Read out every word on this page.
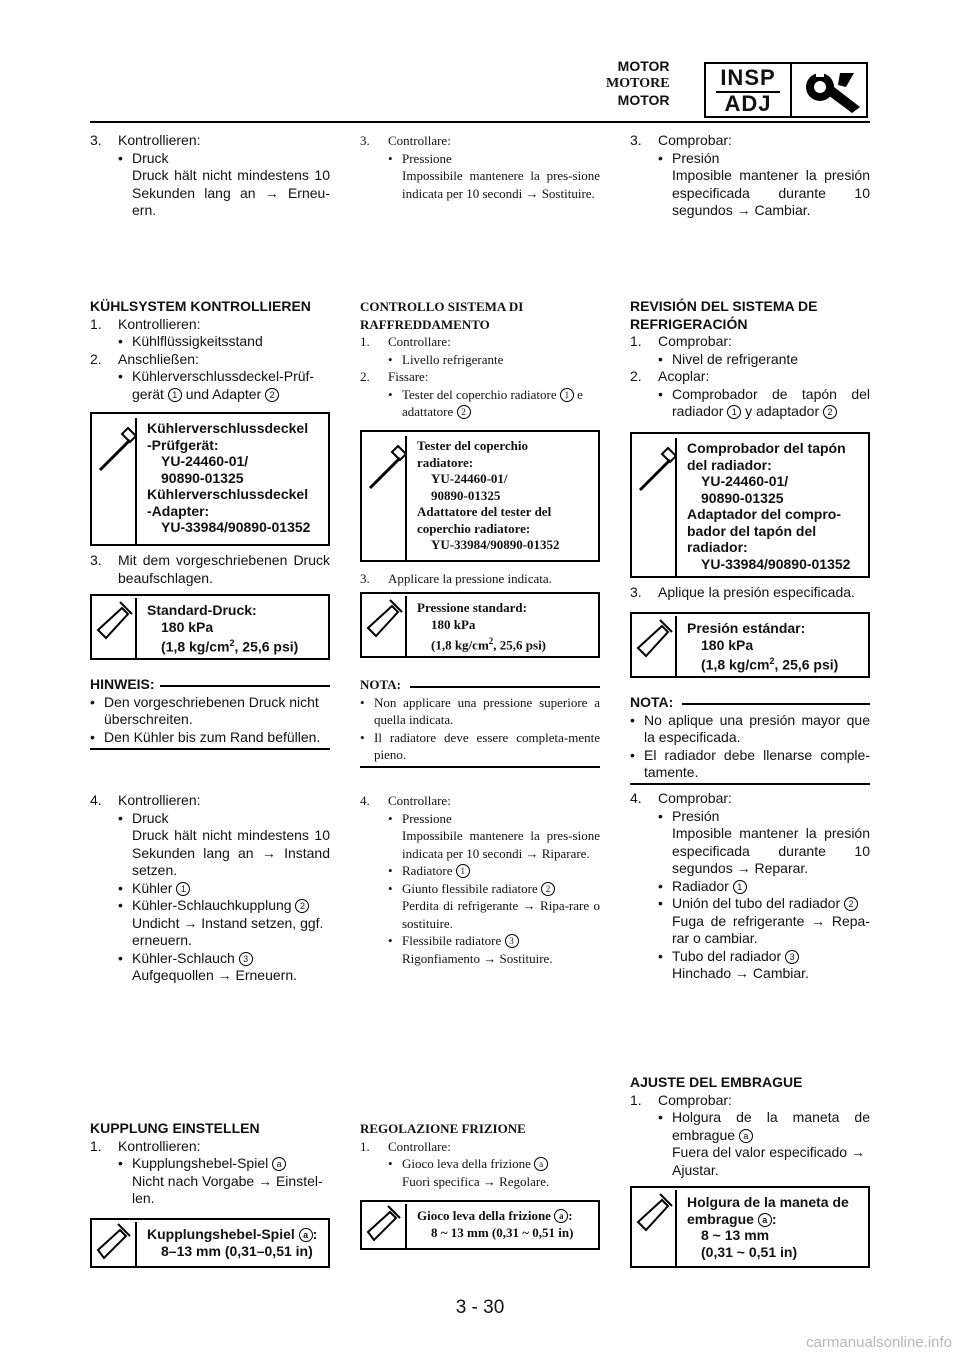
MOTOR
MOTORE
MOTOR
INSP
ADJ
3.	Kontrollieren:
• Druck
Druck hält nicht mindestens 10 Sekunden lang an → Erneu-ern.
KÜHLSYSTEM KONTROLLIEREN
1.	Kontrollieren:
• Kühlflüssigkeitsstand
2.	Anschließen:
• Kühlerverschlussdeckel-Prüf-gerät 1 und Adapter 2
Kühlerverschlussdeckel
-Prüfgerät:
YU-24460-01/
90890-01325
Kühlerverschlussdeckel
-Adapter:
YU-33984/90890-01352
3.	Mit dem vorgeschriebenen Druck beaufschlagen.
Standard-Druck:
180 kPa
(1,8 $kg/cm^2$, 25,6 psi)
HINWEIS:
• Den vorgeschriebenen Druck nicht überschreiten.
• Den Kühler bis zum Rand befüllen.
4.	Kontrollieren:
• Druck
Druck hält nicht mindestens 10 Sekunden lang an → Instand setzen.
• Kühler 1
• Kühler-Schlauchkupplung 2
Undicht → Instand setzen, ggf. erneuern.
• Kühler-Schlauch 3
Aufgequollen → Erneuern.
KUPPLUNG EINSTELLEN
1.	Kontrollieren:
• Kupplungshebel-Spiel a
Nicht nach Vorgabe → Einstel-len.
Kupplungshebel-Spiel a :
8–13 mm (0,31–0,51 in)
3.	Controllare:
• Pressione
Impossibile mantenere la pres-sione indicata per 10 secondi → Sostituire.
CONTROLLO SISTEMA DI
RAFFREDDAMENTO
1.	Controllare:
• Livello refrigerante
2.	Fissare:
• Tester del coperchio radiatore 1 e adattatore 2
Tester del coperchio
radiatore:
YU-24460-01/
90890-01325
Adattatore del tester del
coperchio radiatore:
YU-33984/90890-01352
3.	Applicare la pressione indicata.
Pressione standard:
180 kPa
(1,8 $kg/cm^2$, 25,6 psi)
NOTA:
• Non applicare una pressione superiore a quella indicata.
• Il radiatore deve essere completa-mente pieno.
4.	Controllare:
• Pressione
Impossibile mantenere la pres-sione indicata per 10 secondi → Riparare.
• Radiatore 1
• Giunto flessibile radiatore 2
Perdita di refrigerante → Ripa-rare o sostituire.
• Flessibile radiatore 3
Rigonfiamento → Sostituire.
REGOLAZIONE FRIZIONE
1.	Controllare:
• Gioco leva della frizione a
Fuori specifica → Regolare.
Gioco leva della frizione a :
8 ~ 13 mm (0,31 ~ 0,51 in)
3.	Comprobar:
• Presión
Imposible mantener la presión especificada durante 10 segundos → Cambiar.
REVISIÓN DEL SISTEMA DE
REFRIGERACIÓN
1.	Comprobar:
• Nivel de refrigerante
2.	Acoplar:
• Comprobador de tapón del radiador 1 y adaptador 2
Comprobador del tapón
del radiador:
YU-24460-01/
90890-01325
Adaptador del compro-
bador del tapón del
radiador:
YU-33984/90890-01352
3.	Aplique la presión especificada.
Presión estándar:
180 kPa
(1,8 $kg/cm^2$, 25,6 psi)
NOTA:
• No aplique una presión mayor que la especificada.
• El radiador debe llenarse comple-tamente.
4.	Comprobar:
• Presión
Imposible mantener la presión especificada durante 10 segundos → Reparar.
• Radiador 1
• Unión del tubo del radiador 2
Fuga de refrigerante → Repa-rar o cambiar.
• Tubo del radiador 3
Hinchado → Cambiar.
AJUSTE DEL EMBRAGUE
1.	Comprobar:
• Holgura de la maneta de embrague a
Fuera del valor especificado → Ajustar.
Holgura de la maneta de
embrague a :
8 ~ 13 mm
(0,31 ~ 0,51 in)
3 - 30
carmanualsonline.info
